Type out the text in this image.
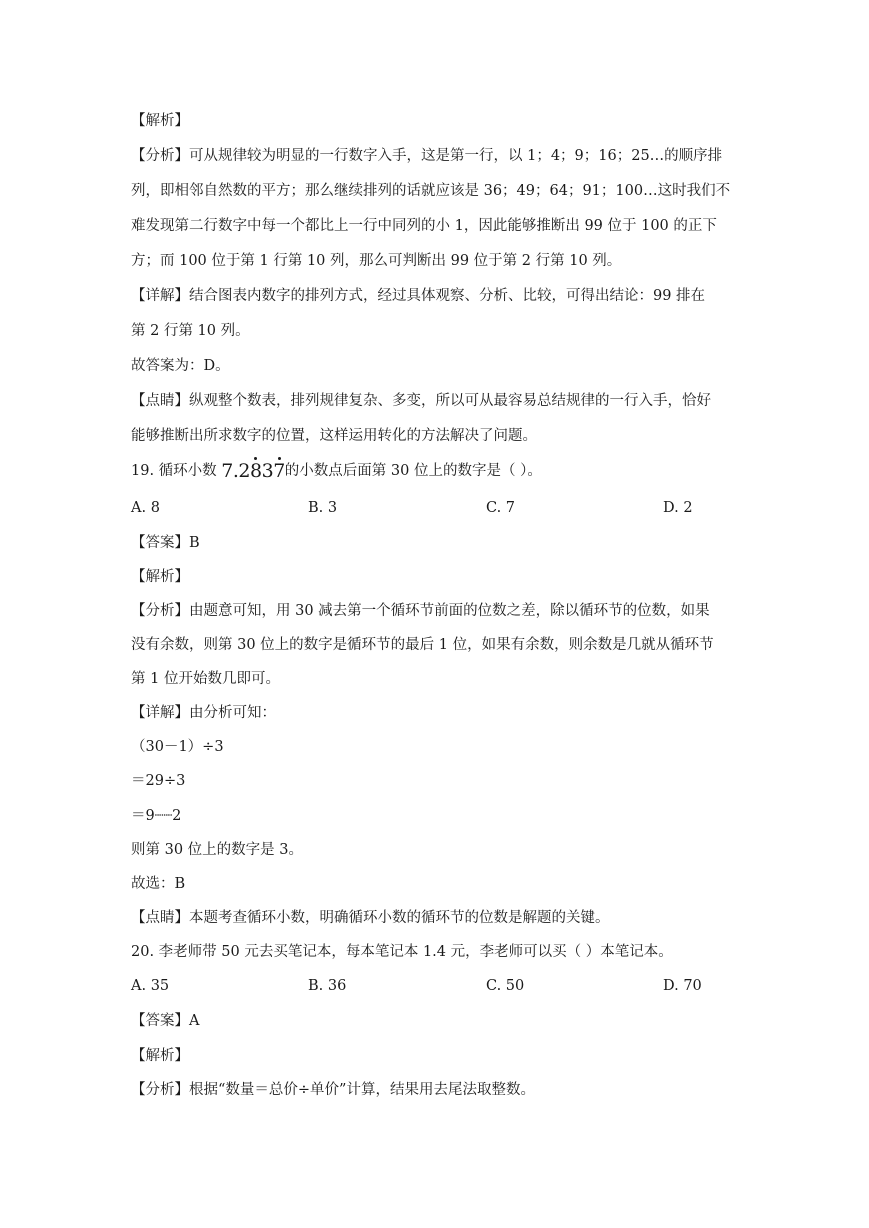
【解析】
【分析】可从规律较为明显的一行数字入手，这是第一行，以 1；4；9；16；25…的顺序排
列，即相邻自然数的平方；那么继续排列的话就应该是 36；49；64；91；100…这时我们不
难发现第二行数字中每一个都比上一行中同列的小 1，因此能够推断出 99 位于 100 的正下
方；而 100 位于第 1 行第 10 列，那么可判断出 99 位于第 2 行第 10 列。
【详解】结合图表内数字的排列方式，经过具体观察、分析、比较，可得出结论：99 排在
第 2 行第 10 列。
故答案为：D。
【点睛】纵观整个数表，排列规律复杂、多变，所以可从最容易总结规律的一行入手，恰好
能够推断出所求数字的位置，这样运用转化的方法解决了问题。
19. 循环小数 7.2837的小数点后面第 30 位上的数字是（ ）。
A. 8	B. 3	C. 7	D. 2
【答案】B
【解析】
【分析】由题意可知，用 30 减去第一个循环节前面的位数之差，除以循环节的位数，如果
没有余数，则第 30 位上的数字是循环节的最后 1 位，如果有余数，则余数是几就从循环节
第 1 位开始数几即可。
【详解】由分析可知：
（30－1）÷3
＝29÷3
＝9┈┈2
则第 30 位上的数字是 3。
故选：B
【点睛】本题考查循环小数，明确循环小数的循环节的位数是解题的关键。
20. 李老师带 50 元去买笔记本，每本笔记本 1.4 元，李老师可以买（ ）本笔记本。
A. 35	B. 36	C. 50	D. 70
【答案】A
【解析】
【分析】根据“数量＝总价÷单价”计算，结果用去尾法取整数。
